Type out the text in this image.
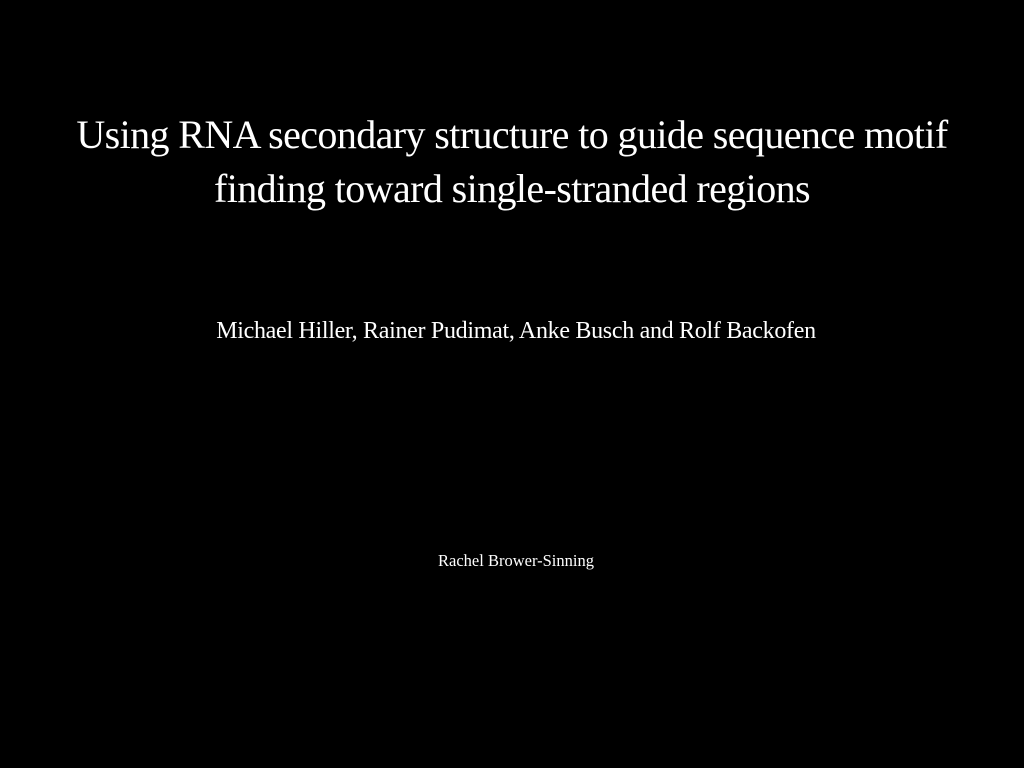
Using RNA secondary structure to guide sequence motif finding toward single-stranded regions
Michael Hiller, Rainer Pudimat, Anke Busch and Rolf Backofen
Rachel Brower-Sinning
